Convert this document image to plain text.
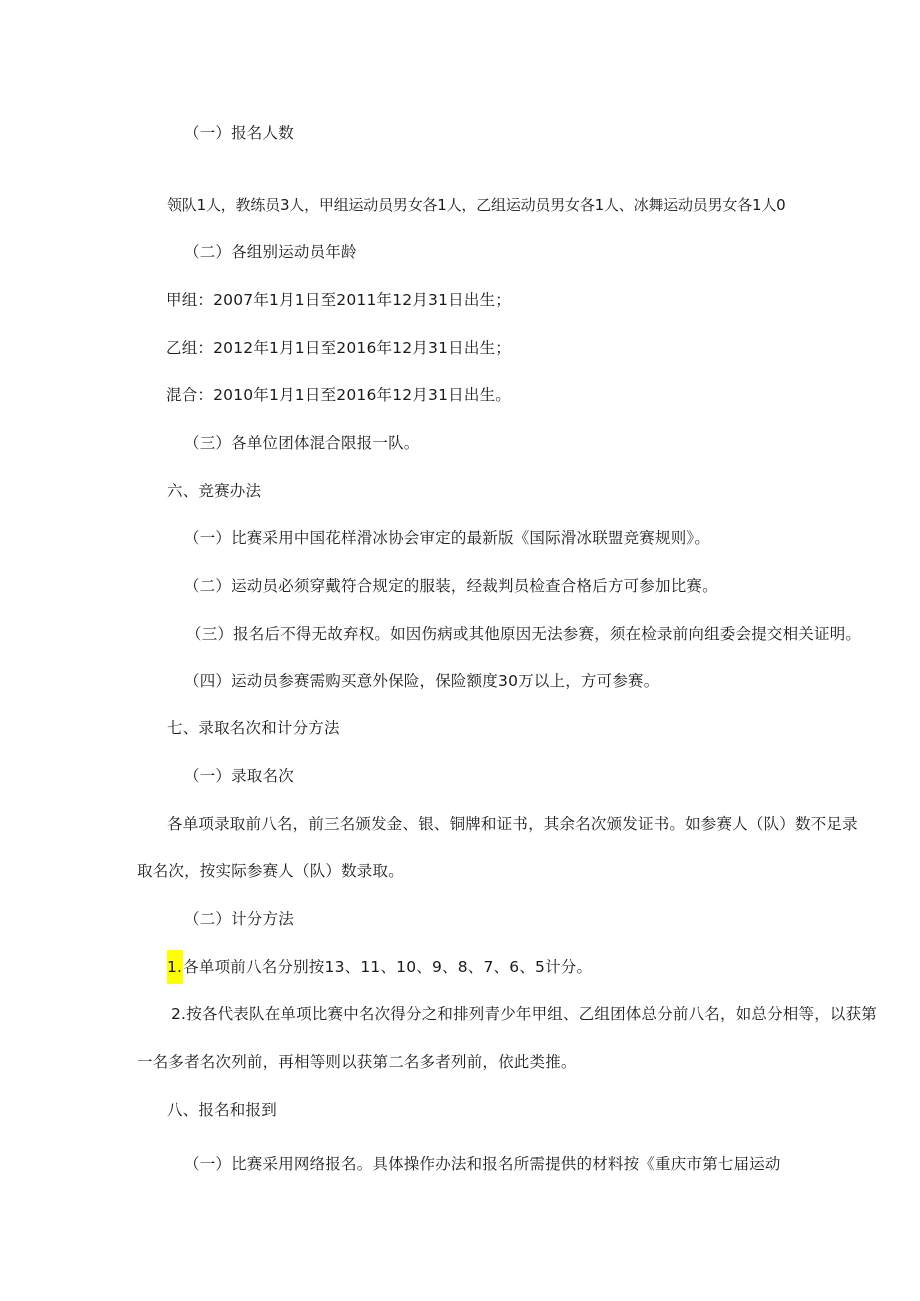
（一）报名人数
领队1人，教练员3人，甲组运动员男女各1人，乙组运动员男女各1人、冰舞运动员男女各1人0
（二）各组别运动员年龄
甲组：2007年1月1日至2011年12月31日出生；
乙组：2012年1月1日至2016年12月31日出生；
混合：2010年1月1日至2016年12月31日出生。
（三）各单位团体混合限报一队。
六、竞赛办法
（一）比赛采用中国花样滑冰协会审定的最新版《国际滑冰联盟竞赛规则》。
（二）运动员必须穿戴符合规定的服装，经裁判员检查合格后方可参加比赛。
（三）报名后不得无故弃权。如因伤病或其他原因无法参赛，须在检录前向组委会提交相关证明。
（四）运动员参赛需购买意外保险，保险额度30万以上，方可参赛。
七、录取名次和计分方法
（一）录取名次
各单项录取前八名，前三名颁发金、银、铜牌和证书，其余名次颁发证书。如参赛人（队）数不足录
取名次，按实际参赛人（队）数录取。
（二）计分方法
1.各单项前八名分别按13、11、10、9、8、7、6、5计分。
2.按各代表队在单项比赛中名次得分之和排列青少年甲组、乙组团体总分前八名，如总分相等，以获第
一名多者名次列前，再相等则以获第二名多者列前，依此类推。
八、报名和报到
（一）比赛采用网络报名。具体操作办法和报名所需提供的材料按《重庆市第七届运动
